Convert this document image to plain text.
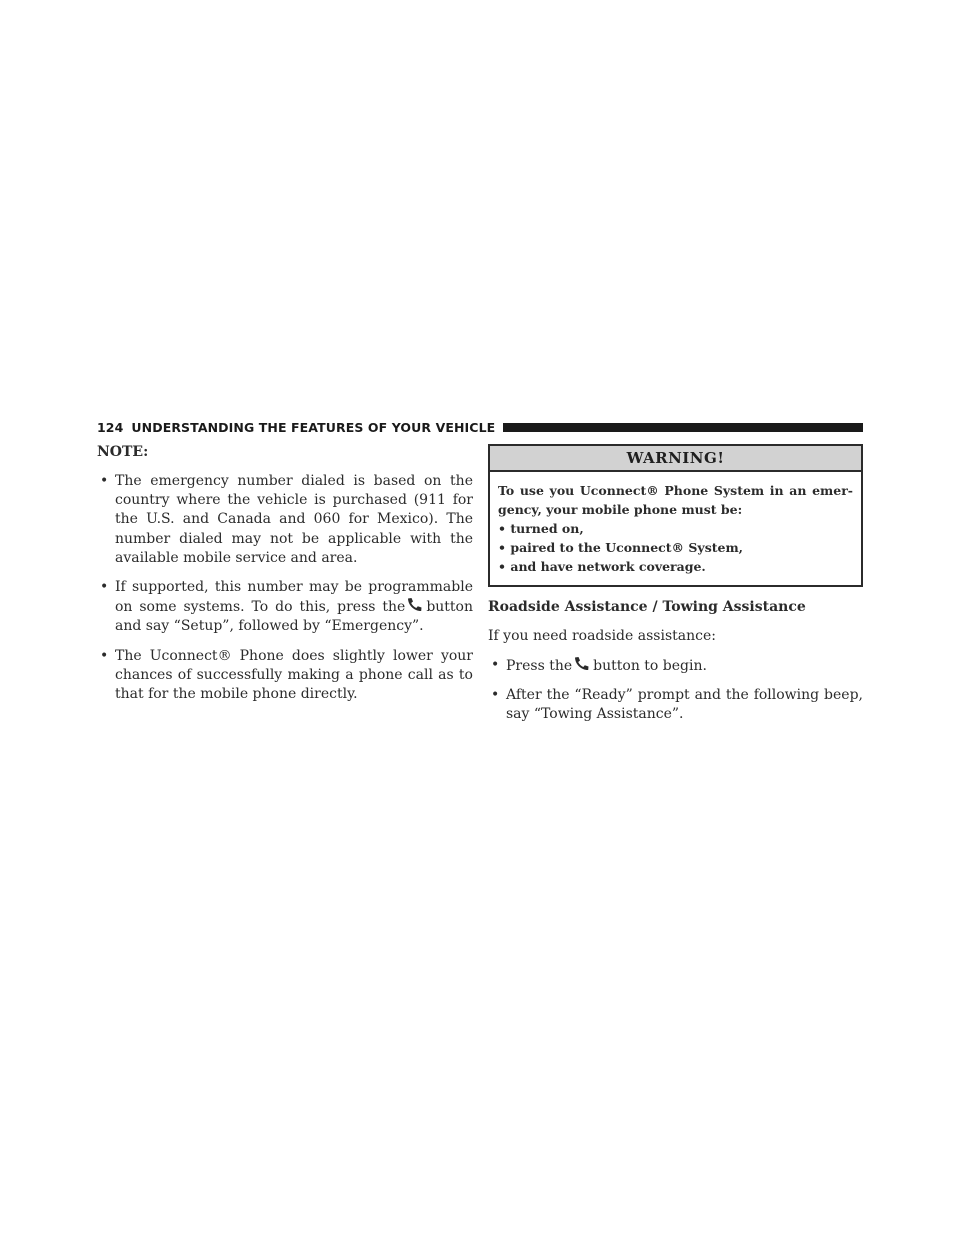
124 UNDERSTANDING THE FEATURES OF YOUR VEHICLE
NOTE:
• The emergency number dialed is based on the country where the vehicle is purchased (911 for the U.S. and Canada and 060 for Mexico). The number dialed may not be applicable with the available mobile service and area.
• If supported, this number may be programmable on some systems. To do this, press the button and say “Setup”, followed by “Emergency”.
• The Uconnect® Phone does slightly lower your chances of successfully making a phone call as to that for the mobile phone directly.
WARNING!
To use you Uconnect® Phone System in an emer-gency, your mobile phone must be:
• turned on,
• paired to the Uconnect® System,
• and have network coverage.
Roadside Assistance / Towing Assistance
If you need roadside assistance:
• Press the button to begin.
• After the “Ready” prompt and the following beep, say “Towing Assistance”.
